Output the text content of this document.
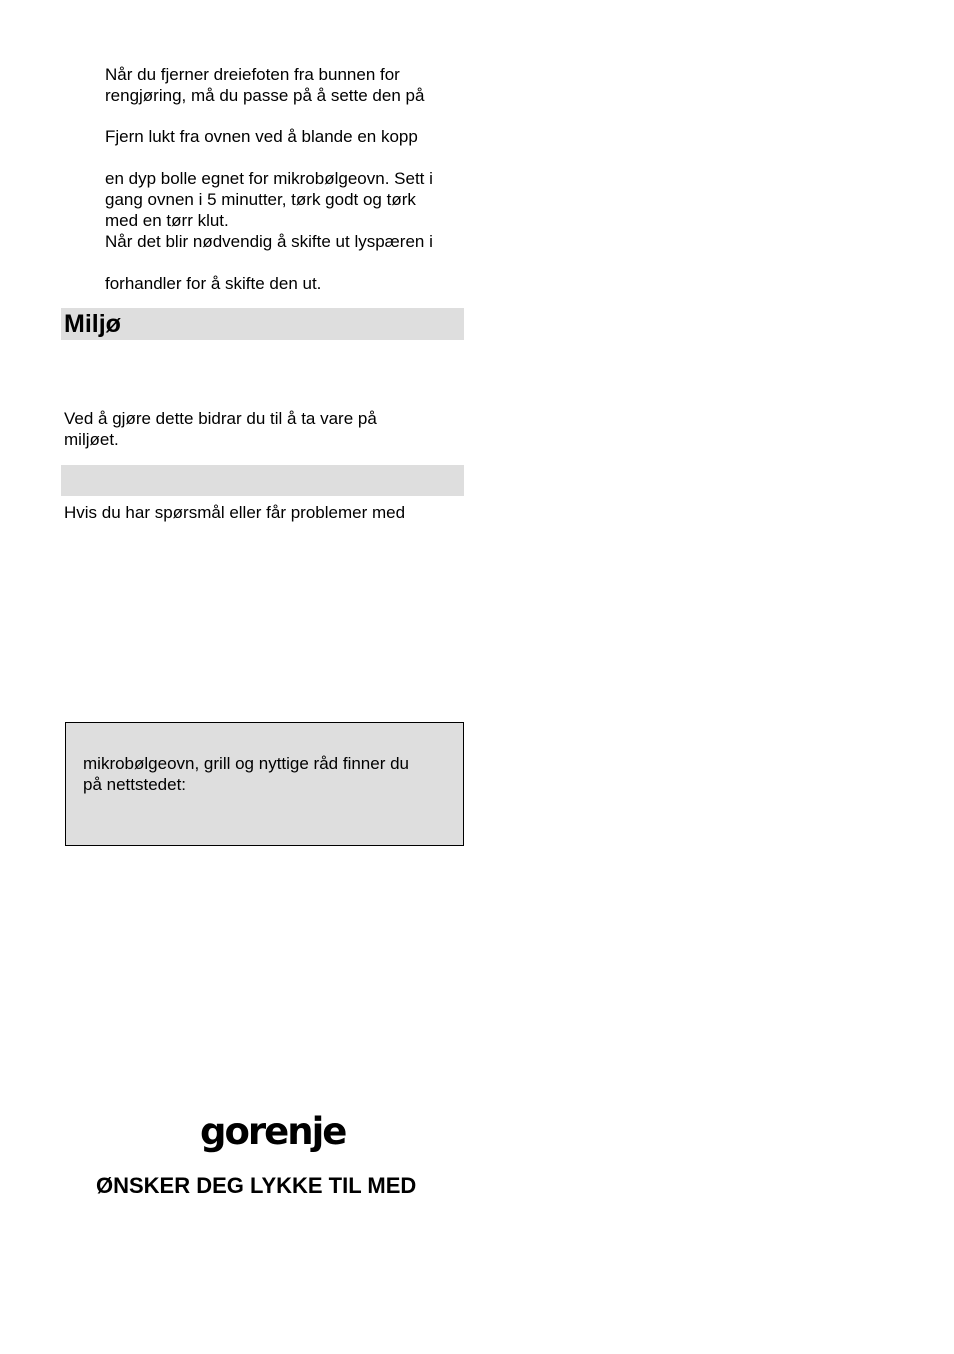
Når du fjerner dreiefoten fra bunnen for
rengjøring, må du passe på å sette den på
Fjern lukt fra ovnen ved å blande en kopp
en dyp bolle egnet for mikrobølgeovn. Sett i
gang ovnen i 5 minutter, tørk godt og tørk
med en tørr klut.
Når det blir nødvendig å skifte ut lyspæren i
forhandler for å skifte den ut.
Miljø
Ved å gjøre dette bidrar du til å ta vare på
miljøet.
Hvis du har spørsmål eller får problemer med
mikrobølgeovn, grill og nyttige råd finner du
på nettstedet:
gorenje
ØNSKER DEG LYKKE TIL MED
